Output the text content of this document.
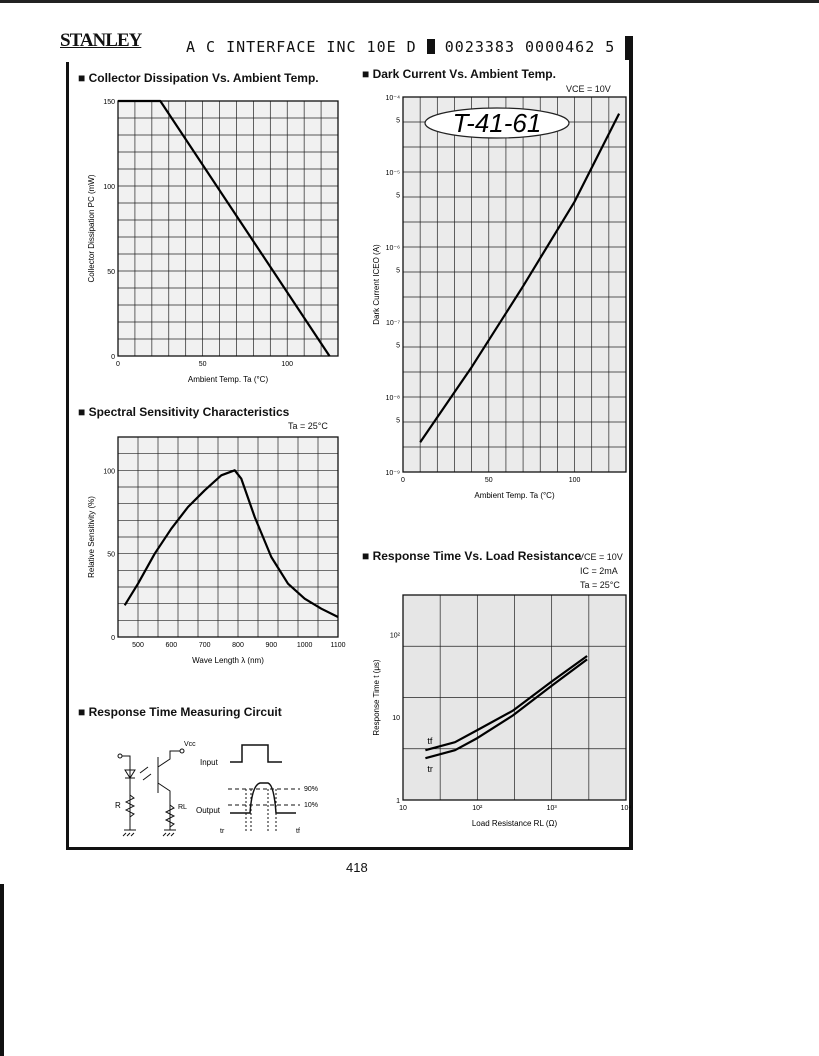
STANLEY	A C INTERFACE INC 10E D 0023383 0000462 5
■ Collector Dissipation Vs. Ambient Temp.	■ Dark Current Vs. Ambient Temp.
■ Spectral Sensitivity Characteristics
■ Response Time Vs. Load Resistance
■ Response Time Measuring Circuit
VCE = 10V
Ta = 25°C
VCE = 10V
IC = 2mA
Ta = 25°C
0	50	100
0
50
100
150
Ambient Temp. Ta (°C)
Collector Dissipation PC (mW)
500	600	700	800	900	1000	1100
0
50
100
Wave Length λ (nm)
Relative Sensitivity (%)
0	50	100
10⁻⁹
5
10⁻⁸
5
10⁻⁷
5
10⁻⁶
5
10⁻⁵
5
10⁻⁴
Ambient Temp. Ta (°C)
Dark Current ICEO (A)
10	10²	10³	10⁴
1
10
10²
Load Resistance RL (Ω)
Response Time t (μs)
tf
tr
T-41-61
Vcc
Input
Output
R	RL
90%
10%
tr	tf
418
